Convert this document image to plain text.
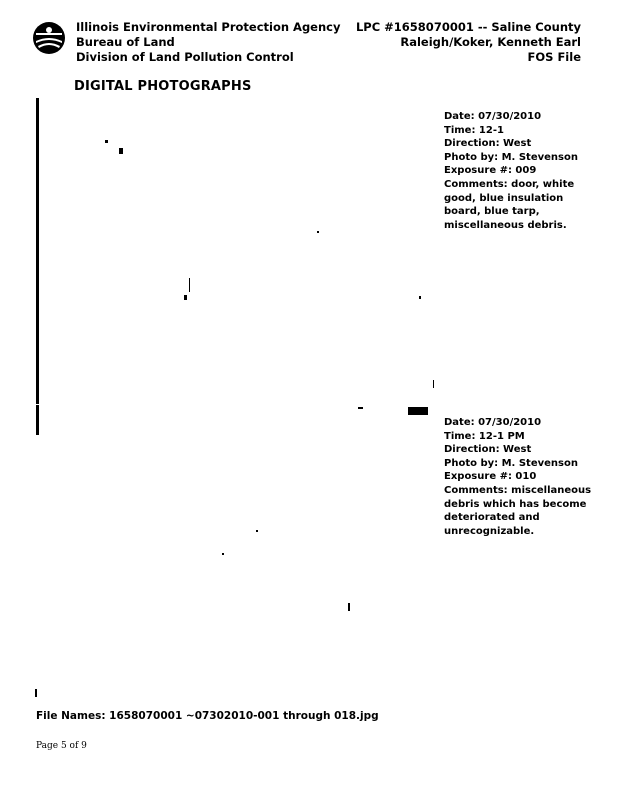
Illinois Environmental Protection Agency
Bureau of Land
Division of Land Pollution Control
LPC #1658070001 -- Saline County
Raleigh/Koker, Kenneth Earl
FOS File
DIGITAL PHOTOGRAPHS
Date: 07/30/2010
Time: 12-1
Direction: West
Photo by: M. Stevenson
Exposure #: 009
Comments: door, white good, blue insulation board, blue tarp, miscellaneous debris.
Date: 07/30/2010
Time: 12-1 PM
Direction: West
Photo by: M. Stevenson
Exposure #: 010
Comments: miscellaneous debris which has become deteriorated and unrecognizable.
File Names: 1658070001 ~07302010-001 through 018.jpg
Page 5 of 9
